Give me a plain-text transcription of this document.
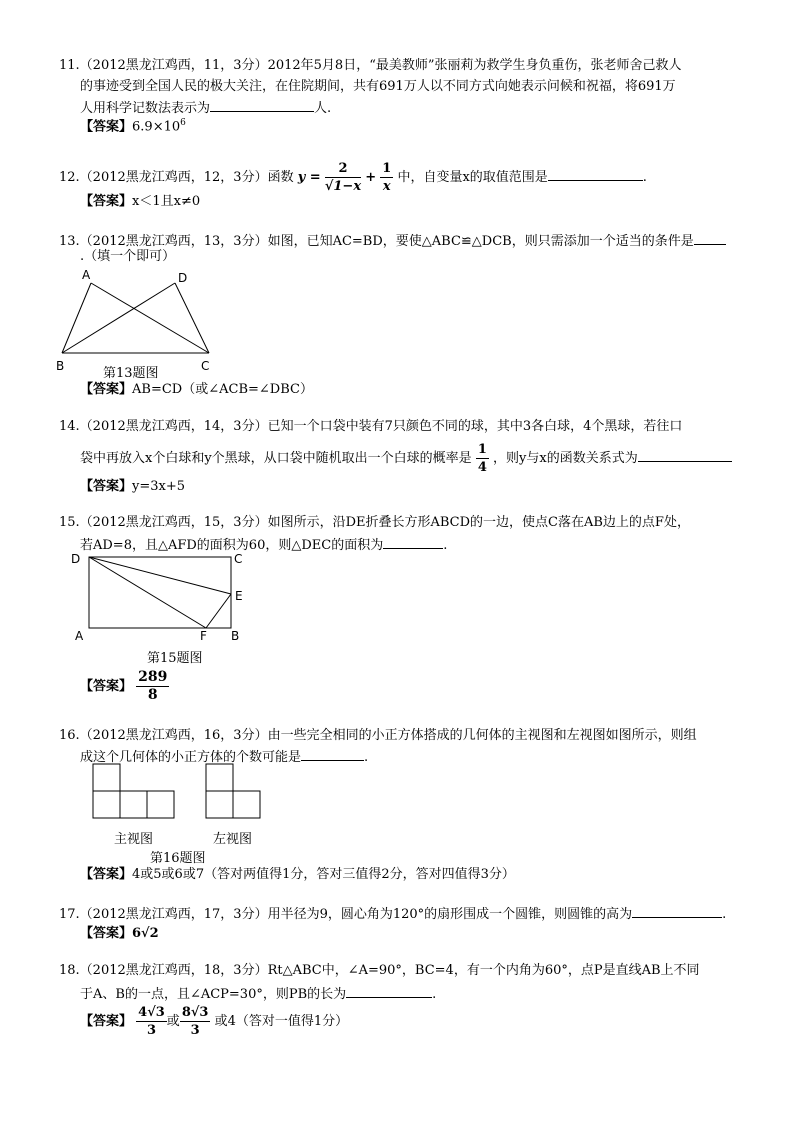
11.（2012黑龙江鸡西，11，3分）2012年5月8日，“最美教师”张丽莉为救学生身负重伤，张老师舍己救人
的事迹受到全国人民的极大关注，在住院期间，共有691万人以不同方式向她表示问候和祝福，将691万
人用科学记数法表示为	人.
【答案】$6.9\times 10^6$
12.（2012黑龙江鸡西，12，3分）函数 $y = \frac{2}{√1-x} + \frac{1}{x}$ 中，自变量x的取值范围是	.
【答案】x＜1且x≠0
13.（2012黑龙江鸡西，13，3分）如图，已知AC=BD，要使△ABC≌△DCB，则只需添加一个适当的条件是
.（填一个即可）
A	D
B	C
第13题图
【答案】AB=CD（或∠ACB=∠DBC）
14.（2012黑龙江鸡西，14，3分）已知一个口袋中装有7只颜色不同的球，其中3各白球，4个黑球，若往口
袋中再放入x个白球和y个黑球，从口袋中随机取出一个白球的概率是 $\frac{1}{4}$ ，则y与x的函数关系式为
【答案】y=3x+5
15.（2012黑龙江鸡西，15，3分）如图所示，沿DE折叠长方形ABCD的一边，使点C落在AB边上的点F处，
若AD=8，且△AFD的面积为60，则△DEC的面积为	.
D	C
E
A	F B
第15题图
【答案】 $\frac{289}{8}$
16.（2012黑龙江鸡西，16，3分）由一些完全相同的小正方体搭成的几何体的主视图和左视图如图所示，则组
成这个几何体的小正方体的个数可能是	.
主视图	左视图
第16题图
【答案】4或5或6或7（答对两值得1分，答对三值得2分，答对四值得3分）
17.（2012黑龙江鸡西，17，3分）用半径为9，圆心角为120°的扇形围成一个圆锥，则圆锥的高为	.
【答案】6√2
18.（2012黑龙江鸡西，18，3分）Rt△ABC中，∠A=90°，BC=4，有一个内角为60°，点P是直线AB上不同
于A、B的一点，且∠ACP=30°，则PB的长为	.
【答案】 $\frac{4√3}{3}$ 或 $\frac{8√3}{3}$ 或4（答对一值得1分）
